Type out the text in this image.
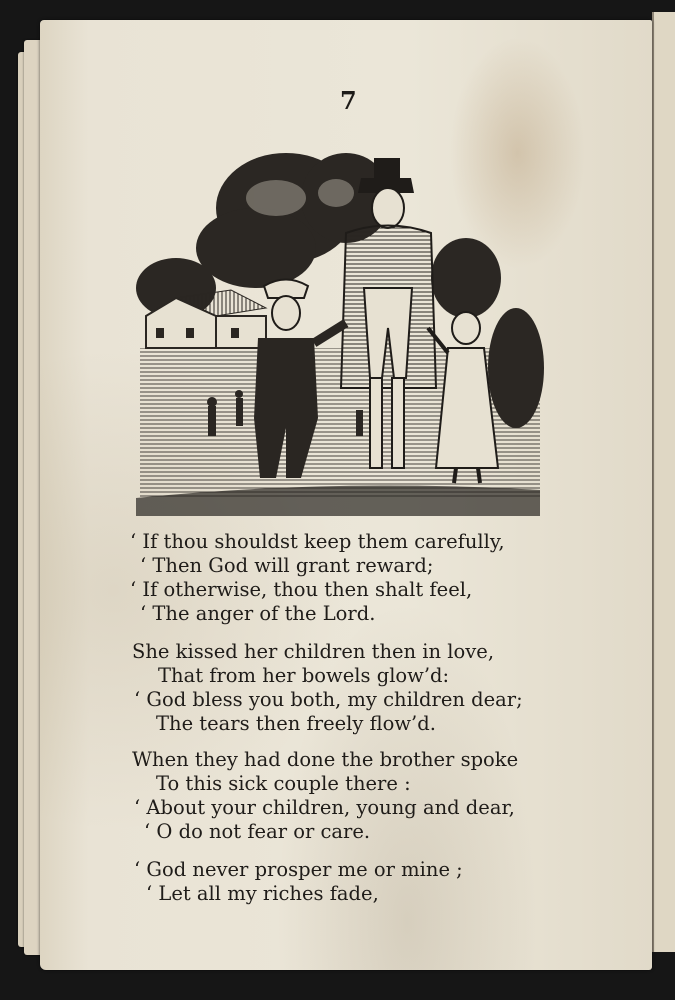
7
‘ If thou shouldst keep them carefully,
‘ Then God will grant reward;
‘ If otherwise, thou then shalt feel,
‘ The anger of the Lord.
She kissed her children then in love,
That from her bowels glow’d:
‘ God bless you both, my children dear;
The tears then freely flow’d.
When they had done the brother spoke
To this sick couple there :
‘ About your children, young and dear,
‘ O do not fear or care.
‘ God never prosper me or mine ;
‘ Let all my riches fade,
